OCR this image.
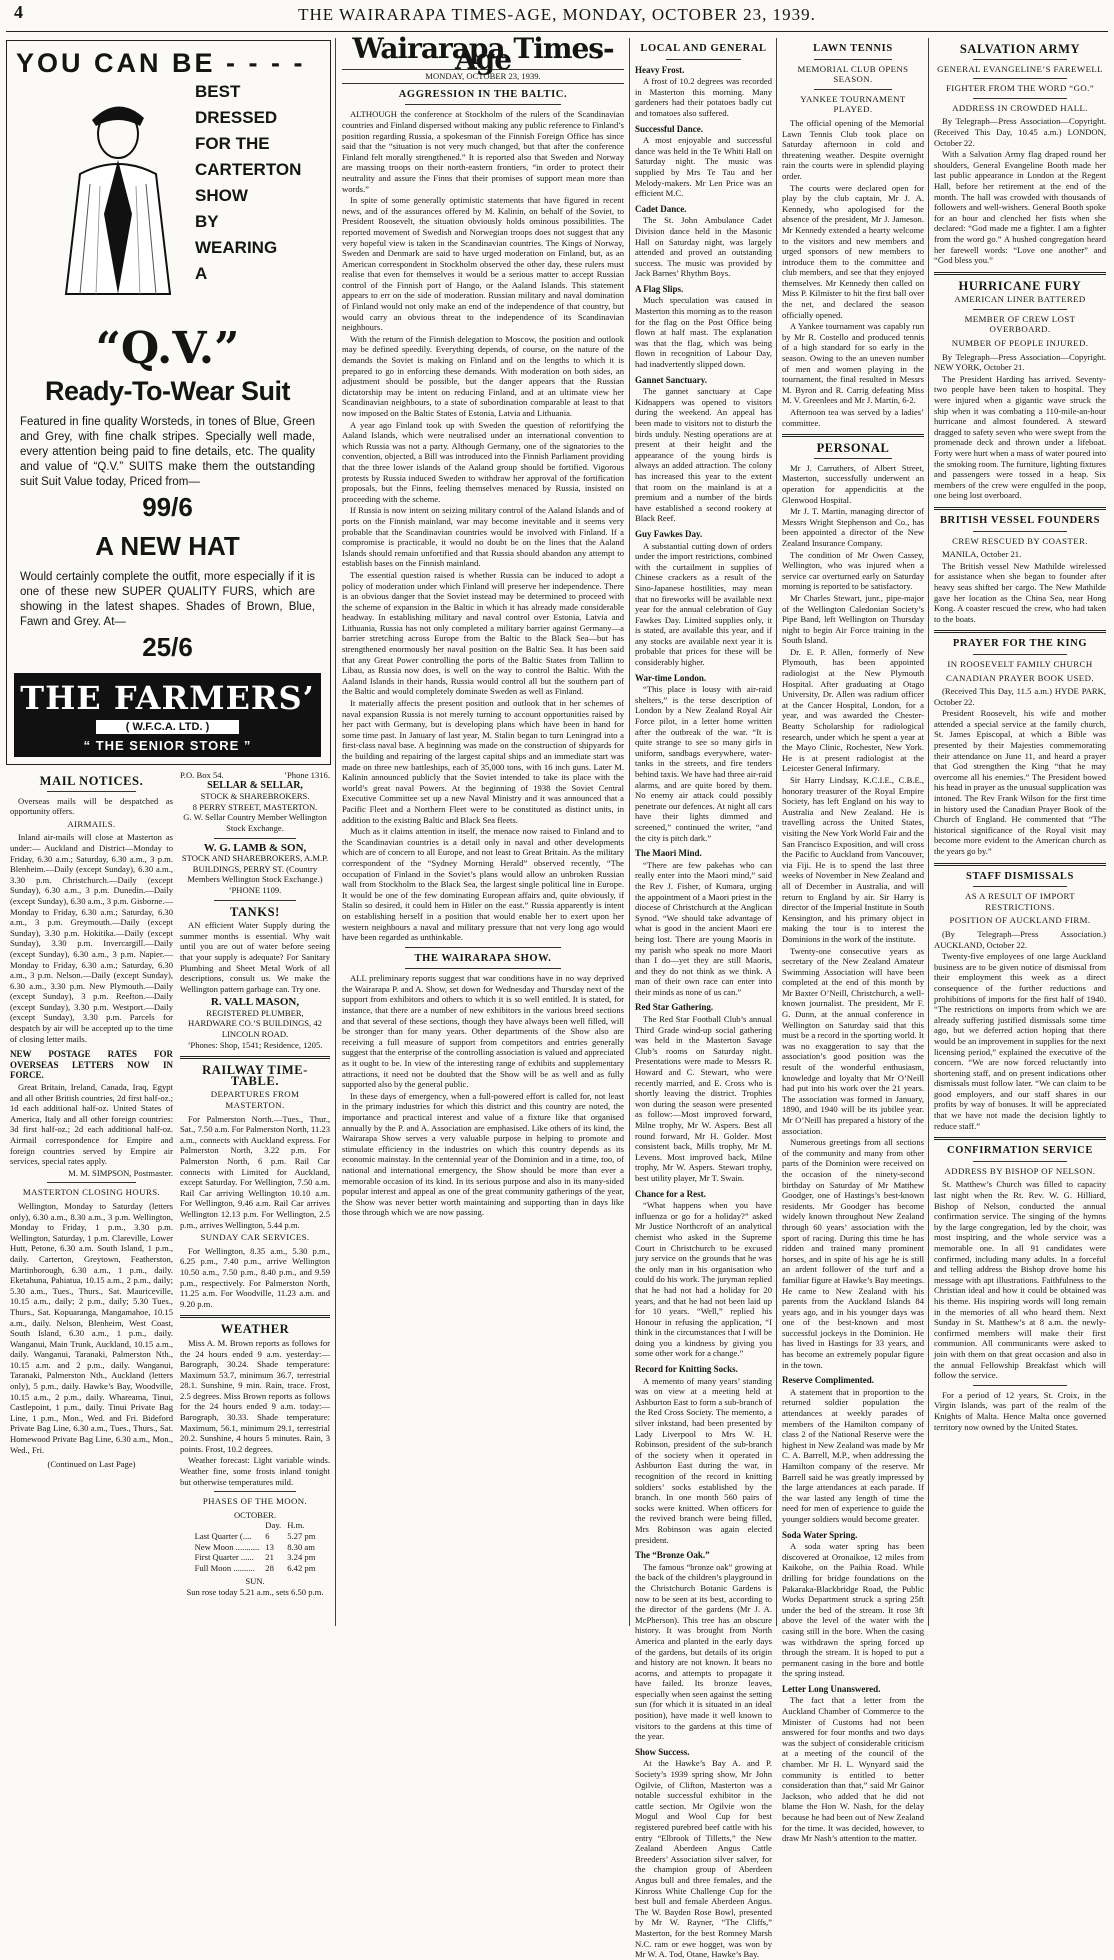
4	THE WAIRARAPA TIMES-AGE, MONDAY, OCTOBER 23, 1939.
YOU CAN BE - - - -
BEST
DRESSED
FOR THE
CARTERTON
SHOW
BY
WEARING
A
“Q.V.”
Ready-To-Wear Suit
Featured in fine quality Worsteds, in tones of Blue, Green and Grey, with fine chalk stripes. Specially well made, every attention being paid to fine details, etc. The quality and value of “Q.V.” SUITS make them the outstanding suit Suit Value today, Priced from—
99/6
A NEW HAT
Would certainly complete the outfit, more especially if it is one of these new SUPER QUALITY FURS, which are showing in the latest shapes. Shades of Brown, Blue, Fawn and Grey. At—
25/6
THE FARMERS’
( W.F.C.A. LTD. )
“ THE SENIOR STORE ”
MAIL NOTICES.

Overseas mails will be despatched as opportunity offers.

AIRMAILS.

Inland air-mails will close at Masterton as under:— Auckland and District—Monday to Friday, 6.30 a.m.; Saturday, 6.30 a.m., 3 p.m. Blenheim.—Daily (except Sunday), 6.30 a.m., 3.30 p.m. Christchurch.—Daily (except Sunday), 6.30 a.m., 3 p.m. Dunedin.—Daily (except Sunday), 6.30 a.m., 3 p.m. Gisborne.—Monday to Friday, 6.30 a.m.; Saturday, 6.30 a.m., 3 p.m. Greymouth.—Daily (except Sunday), 3.30 p.m. Hokitika.—Daily (except Sunday), 3.30 p.m. Invercargill.—Daily (except Sunday), 6.30 a.m., 3 p.m. Napier.—Monday to Friday, 6.30 a.m.; Saturday, 6.30 a.m., 3 p.m. Nelson.—Daily (except Sunday), 6.30 a.m., 3.30 p.m. New Plymouth.—Daily (except Sunday), 3 p.m. Reefton.—Daily (except Sunday), 3.30 p.m. Westport.—Daily (except Sunday), 3.30 p.m. Parcels for despatch by air will be accepted up to the time of closing letter mails.

NEW POSTAGE RATES FOR OVERSEAS LETTERS NOW IN FORCE.

Great Britain, Ireland, Canada, Iraq, Egypt and all other British countries, 2d first half-oz.; 1d each additional half-oz. United States of America, Italy and all other foreign countries: 3d first half-oz.; 2d each additional half-oz. Airmail correspondence for Empire and foreign countries served by Empire air services, special rates apply.

M. M. SIMPSON, Postmaster.
MASTERTON CLOSING HOURS.

Wellington, Monday to Saturday (letters only), 6.30 a.m., 8.30 a.m., 3 p.m. Wellington, Monday to Friday, 1 p.m., 3.30 p.m. Wellington, Saturday, 1 p.m. Clareville, Lower Hutt, Petone, 6.30 a.m. South Island, 1 p.m., daily. Carterton, Greytown, Featherston, Martinborough, 6.30 a.m., 1 p.m., daily. Eketahuna, Pahiatua, 10.15 a.m., 2 p.m., daily; 5.30 a.m., Tues., Thurs., Sat. Mauriceville, 10.15 a.m., daily; 2 p.m., daily; 5.30 Tues., Thurs., Sat. Kopuaranga, Mangamahoe, 10.15 a.m., daily. Nelson, Blenheim, West Coast, South Island, 6.30 a.m., 1 p.m., daily. Wanganui, Main Trunk, Auckland, 10.15 a.m., daily. Wanganui, Taranaki, Palmerston Nth., 10.15 a.m. and 2 p.m., daily. Wanganui, Taranaki, Palmerston Nth., Auckland (letters only), 5 p.m., daily. Hawke’s Bay, Woodville, 10.15 a.m., 2 p.m., daily. Whareama, Tinui, Castlepoint, 1 p.m., daily. Tinui Private Bag Line, 1 p.m., Mon., Wed. and Fri. Bideford Private Bag Line, 6.30 a.m., Tues., Thurs., Sat. Homewood Private Bag Line, 6.30 a.m., Mon., Wed., Fri.

(Continued on Last Page)
P.O. Box 54.	’Phone 1316.
SELLAR & SELLAR,
STOCK & SHAREBROKERS.
8 PERRY STREET, MASTERTON.
G. W. Sellar Country Member Wellington Stock Exchange.
W. G. LAMB & SON,
STOCK AND SHAREBROKERS, A.M.P. BUILDINGS, PERRY ST. (Country Members Wellington Stock Exchange.)
’PHONE 1109.
TANKS!

AN efficient Water Supply during the summer months is essential. Why wait until you are out of water before seeing that your supply is adequate? For Sanitary Plumbing and Sheet Metal Work of all descriptions, consult us. We make the Wellington pattern garbage can. Try one.

R. VALL MASON,
REGISTERED PLUMBER,
HARDWARE CO.’S BUILDINGS, 42 LINCOLN ROAD.
’Phones: Shop, 1541; Residence, 1205.
RAILWAY TIME-TABLE.
DEPARTURES FROM MASTERTON.

For Palmerston North.—Tues., Thur., Sat., 7.50 a.m. For Palmerston North, 11.23 a.m., connects with Auckland express. For Palmerston North, 3.22 p.m. For Palmerston North, 6 p.m. Rail Car connects with Limited for Auckland, except Saturday. For Wellington, 7.50 a.m. Rail Car arriving Wellington 10.10 a.m. For Wellington, 9.46 a.m. Rail Car arrives Wellington 12.13 p.m. For Wellington, 2.5 p.m., arrives Wellington, 5.44 p.m.

SUNDAY CAR SERVICES.

For Wellington, 8.35 a.m., 5.30 p.m., 6.25 p.m., 7.40 p.m., arrive Wellington 10.50 a.m., 7.50 p.m., 8.40 p.m., and 9.59 p.m., respectively. For Palmerston North, 11.25 a.m. For Woodville, 11.23 a.m. and 9.20 p.m.

WEATHER

Miss A. M. Brown reports as follows for the 24 hours ended 9 a.m. yesterday:—Barograph, 30.24. Shade temperature: Maximum 53.7, minimum 36.7, terrestrial 28.1. Sunshine, 9 min. Rain, trace. Frost, 2.5 degrees. Miss Brown reports as follows for the 24 hours ended 9 a.m. today:—Barograph, 30.33. Shade temperature: Maximum, 56.1, minimum 29.1, terrestrial 20.2. Sunshine, 4 hours 5 minutes. Rain, 3 points. Frost, 10.2 degrees.

Weather forecast: Light variable winds. Weather fine, some frosts inland tonight but otherwise temperatures mild.

PHASES OF THE MOON.
OCTOBER.
	Day.	H.m.
Last Quarter (....	6	5.27 pm
New Moon ...........	13	8.30 am
First Quarter ......	21	3.24 pm
Full Moon ..........	28	6.42 pm
SUN.
Sun rose today 5.21 a.m., sets 6.50 p.m.
Wairarapa Times-Age
MONDAY, OCTOBER 23, 1939.
AGGRESSION IN THE BALTIC.

ALTHOUGH the conference at Stockholm of the rulers of the Scandinavian countries and Finland dispersed without making any public reference to Finland’s position regarding Russia, a spokesman of the Finnish Foreign Office has since said that the “situation is not very much changed, but that after the conference Finland felt morally strengthened.” It is reported also that Sweden and Norway are massing troops on their north-eastern frontiers, “in order to protect their neutrality and assure the Finns that their promises of support mean more than words.”

In spite of some generally optimistic statements that have figured in recent news, and of the assurances offered by M. Kalinin, on behalf of the Soviet, to President Roosevelt, the situation obviously holds ominous possibilities. The reported movement of Swedish and Norwegian troops does not suggest that any very hopeful view is taken in the Scandinavian countries. The Kings of Norway, Sweden and Denmark are said to have urged moderation on Finland, but, as an American correspondent in Stockholm observed the other day, these rulers must realise that even for themselves it would be a serious matter to accept Russian control of the Finnish port of Hango, or the Aaland Islands. This statement appears to err on the side of moderation. Russian military and naval domination of Finland would not only make an end of the independence of that country, but would carry an obvious threat to the independence of its Scandinavian neighbours.

With the return of the Finnish delegation to Moscow, the position and outlook may be defined speedily. Everything depends, of course, on the nature of the demands the Soviet is making on Finland and on the lengths to which it is prepared to go in enforcing these demands. With moderation on both sides, an adjustment should be possible, but the danger appears that the Russian dictatorship may be intent on reducing Finland, and at an ultimate view her Scandinavian neighbours, to a state of subordination comparable at least to that now imposed on the Baltic States of Estonia, Latvia and Lithuania.

A year ago Finland took up with Sweden the question of refortifying the Aaland Islands, which were neutralised under an international convention to which Russia was not a party. Although Germany, one of the signatories to the convention, objected, a Bill was introduced into the Finnish Parliament providing that the three lower islands of the Aaland group should be fortified. Vigorous protests by Russia induced Sweden to withdraw her approval of the fortification proposals, but the Finns, feeling themselves menaced by Russia, insisted on proceeding with the scheme.

If Russia is now intent on seizing military control of the Aaland Islands and of ports on the Finnish mainland, war may become inevitable and it seems very probable that the Scandinavian countries would be involved with Finland. If a compromise is practicable, it would no doubt be on the lines that the Aaland Islands should remain unfortified and that Russia should abandon any attempt to establish bases on the Finnish mainland.

The essential question raised is whether Russia can be induced to adopt a policy of moderation under which Finland will preserve her independence. There is an obvious danger that the Soviet instead may be determined to proceed with the scheme of expansion in the Baltic in which it has already made considerable headway. In establishing military and naval control over Estonia, Latvia and Lithuania, Russia has not only completed a military barrier against Germany—a barrier stretching across Europe from the Baltic to the Black Sea—but has strengthened enormously her naval position on the Baltic Sea. It has been said that any Great Power controlling the ports of the Baltic States from Tallinn to Libau, as Russia now does, is well on the way to control the Baltic. With the Aaland Islands in their hands, Russia would control all but the southern part of the Baltic and would completely dominate Sweden as well as Finland.

It materially affects the present position and outlook that in her schemes of naval expansion Russia is not merely turning to account opportunities raised by her pact with Germany, but is developing plans which have been in hand for some time past. In January of last year, M. Stalin began to turn Leningrad into a first-class naval base. A beginning was made on the construction of shipyards for the building and repairing of the largest capital ships and an immediate start was made on three new battleships, each of 35,000 tons, with 16 inch guns. Later M. Kalinin announced publicly that the Soviet intended to take its place with the world’s great naval Powers. At the beginning of 1938 the Soviet Central Executive Committee set up a new Naval Ministry and it was announced that a Pacific Fleet and a Northern Fleet were to be constituted as distinct units, in addition to the existing Baltic and Black Sea fleets.

Much as it claims attention in itself, the menace now raised to Finland and to the Scandinavian countries is a detail only in naval and other developments which are of concern to all Europe, and not least to Great Britain. As the military correspondent of the “Sydney Morning Herald” observed recently, “The occupation of Finland in the Soviet’s plans would allow an unbroken Russian wall from Stockholm to the Black Sea, the largest single political line in Europe. It would be one of the few dominating European affairs and, quite obviously, if Stalin so desired, it could hem in Hitler on the east.” Russia apparently is intent on establishing herself in a position that would enable her to exert upon her western neighbours a naval and military pressure that not very long ago would have been regarded as unthinkable.

THE WAIRARAPA SHOW.

ALL preliminary reports suggest that war conditions have in no way deprived the Wairarapa P. and A. Show, set down for Wednesday and Thursday next of the support from exhibitors and others to which it is so well entitled. It is stated, for instance, that there are a number of new exhibitors in the various breed sections and that several of these sections, though they have always been well filled, will be stronger than for many years. Other departments of the Show also are receiving a full measure of support from competitors and entries generally suggest that the enterprise of the controlling association is valued and appreciated as it ought to be. In view of the interesting range of exhibits and supplementary attractions, it need not be doubted that the Show will be as well and as fully supported also by the general public.

In these days of emergency, when a full-powered effort is called for, not least in the primary industries for which this district and this country are noted, the importance and practical interest and value of a fixture like that organised annually by the P. and A. Association are emphasised. Like others of its kind, the Wairarapa Show serves a very valuable purpose in helping to promote and stimulate efficiency in the industries on which this country depends as its economic mainstay. In the centennial year of the Dominion and in a time, too, of national and international emergency, the Show should be more than ever a memorable occasion of its kind. In its serious purpose and also in its many-sided popular interest and appeal as one of the great community gatherings of the year, the Show was never better worth maintaining and supporting than in days like those through which we are now passing.

LOCAL AND GENERAL
Heavy Frost.

A frost of 10.2 degrees was recorded in Masterton this morning. Many gardeners had their potatoes badly cut and tomatoes also suffered.

Successful Dance.

A most enjoyable and successful dance was held in the Te Whiti Hall on Saturday night. The music was supplied by Mrs Te Tau and her Melody-makers. Mr Len Price was an efficient M.C.

Cadet Dance.

The St. John Ambulance Cadet Division dance held in the Masonic Hall on Saturday night, was largely attended and proved an outstanding success. The music was provided by Jack Barnes’ Rhythm Boys.

A Flag Slips.

Much speculation was caused in Masterton this morning as to the reason for the flag on the Post Office being flown at half mast. The explanation was that the flag, which was being flown in recognition of Labour Day, had inadvertently slipped down.

Gannet Sanctuary.

The gannet sanctuary at Cape Kidnappers was opened to visitors during the weekend. An appeal has been made to visitors not to disturb the birds unduly. Nesting operations are at present at their height and the appearance of the young birds is always an added attraction. The colony has increased this year to the extent that room on the mainland is at a premium and a number of the birds have established a second rookery at Black Reef.

Guy Fawkes Day.

A substantial cutting down of orders under the import restrictions, combined with the curtailment in supplies of Chinese crackers as a result of the Sino-Japanese hostilities, may mean that no fireworks will be available next year for the annual celebration of Guy Fawkes Day. Limited supplies only, it is stated, are available this year, and if any stocks are available next year it is probable that prices for these will be considerably higher.

War-time London.

“This place is lousy with air-raid shelters,” is the terse description of London by a New Zealand Royal Air Force pilot, in a letter home written after the outbreak of the war. “It is quite strange to see so many girls in uniform, sandbags everywhere, water-tanks in the streets, and fire tenders behind taxis. We have had three air-raid alarms, and are quite bored by them. No enemy air attack could possibly penetrate our defences. At night all cars have their lights dimmed and screened,” continued the writer, “and the city is pitch dark.”

The Maori Mind.

“There are few pakehas who can really enter into the Maori mind,” said the Rev J. Fisher, of Kumara, urging the appointment of a Maori priest in the diocese of Christchurch at the Anglican Synod. “We should take advantage of what is good in the ancient Maori ere being lost. There are young Maoris in my parish who speak no more Maori than I do—yet they are still Maoris, and they do not think as we think. A man of their own race can enter into their minds as none of us can.”

Red Star Gathering.

The Red Star Football Club’s annual Third Grade wind-up social gathering was held in the Masterton Savage Club’s rooms on Saturday night. Presentations were made to Messrs R. Howard and C. Stewart, who were recently married, and E. Cross who is shortly leaving the district. Trophies won during the season were presented as follow:—Most improved forward, Milne trophy, Mr W. Aspers. Best all round forward, Mr H. Golder. Most consistent back, Mills trophy, Mr M. Levens. Most improved back, Milne trophy, Mr W. Aspers. Stewart trophy, best utility player, Mr T. Swain.

Chance for a Rest.

“What happens when you have influenza or go for a holiday?” asked Mr Justice Northcroft of an analytical chemist who asked in the Supreme Court in Christchurch to be excused jury service on the grounds that he was the only man in his organisation who could do his work. The juryman replied that he had not had a holiday for 20 years, and that he had not been laid up for 10 years. “Well,” replied his Honour in refusing the application, “I think in the circumstances that I will be doing you a kindness by giving you some other work for a change.”

Record for Knitting Socks.

A memento of many years’ standing was on view at a meeting held at Ashburton East to form a sub-branch of the Red Cross Society. The memento, a silver inkstand, had been presented by Lady Liverpool to Mrs W. H. Robinson, president of the sub-branch of the society when it operated in Ashburton East during the war, in recognition of the record in knitting soldiers’ socks established by the branch. In one month 560 pairs of socks were knitted. When officers for the revived branch were being filled, Mrs Robinson was again elected president.

The “Bronze Oak.”

The famous “bronze oak” growing at the back of the children’s playground in the Christchurch Botanic Gardens is now to be seen at its best, according to the director of the gardens (Mr J. A. McPherson). This tree has an obscure history. It was brought from North America and planted in the early days of the gardens, but details of its origin and history are not known. It bears no acorns, and attempts to propagate it have failed. Its bronze leaves, especially when seen against the setting sun (for which it is situated in an ideal position), have made it well known to visitors to the gardens at this time of the year.

Show Success.

At the Hawke’s Bay A. and P. Society’s 1939 spring show, Mr John Ogilvie, of Clifton, Masterton was a notable successful exhibitor in the cattle section. Mr Ogilvie won the Mogul and Wool Cup for best registered purebred beef cattle with his entry “Elbrook of Tilletts,” the New Zealand Aberdeen Angus Cattle Breeders’ Association silver salver, for the champion group of Aberdeen Angus bull and three females, and the Kinross White Challenge Cup for the best bull and female Aberdeen Angus. The W. Bayden Rose Bowl, presented by Mr W. Rayner, “The Cliffs,” Masterton, for the best Romney Marsh N.C. ram or ewe hogget, was won by Mr W. A. Tod, Otane, Hawke’s Bay.

LAWN TENNIS
MEMORIAL CLUB OPENS SEASON.
YANKEE TOURNAMENT PLAYED.

The official opening of the Memorial Lawn Tennis Club took place on Saturday afternoon in cold and threatening weather. Despite overnight rain the courts were in splendid playing order.

The courts were declared open for play by the club captain, Mr J. A. Kennedy, who apologised for the absence of the president, Mr J. Jameson. Mr Kennedy extended a hearty welcome to the visitors and new members and urged sponsors of new members to introduce them to the committee and club members, and see that they enjoyed themselves. Mr Kennedy then called on Miss P. Kilmister to hit the first ball over the net, and declared the season officially opened.

A Yankee tournament was capably run by Mr R. Costello and produced tennis of a high standard for so early in the season. Owing to the an uneven number of men and women playing in the tournament, the final resulted in Messrs M. Byron and R. Carrig defeating Miss M. V. Greenlees and Mr J. Martin, 6-2.

Afternoon tea was served by a ladies’ committee.

PERSONAL

Mr J. Carruthers, of Albert Street, Masterton, successfully underwent an operation for appendicitis at the Glenwood Hospital.

Mr J. T. Martin, managing director of Messrs Wright Stephenson and Co., has been appointed a director of the New Zealand Insurance Company.

The condition of Mr Owen Cassey, Wellington, who was injured when a service car overturned early on Saturday morning is reported to be satisfactory.

Mr Charles Stewart, junr., pipe-major of the Wellington Caledonian Society’s Pipe Band, left Wellington on Thursday night to begin Air Force training in the South Island.

Dr. E. P. Allen, formerly of New Plymouth, has been appointed radiologist at the New Plymouth Hospital. After graduating at Otago University, Dr. Allen was radium officer at the Cancer Hospital, London, for a year, and was awarded the Chester-Beatty Scholarship for radiological research, under which he spent a year at the Mayo Clinic, Rochester, New York. He is at present radiologist at the Leicester General Infirmary.

Sir Harry Lindsay, K.C.I.E., C.B.E., honorary treasurer of the Royal Empire Society, has left England on his way to Australia and New Zealand. He is travelling across the United States, visiting the New York World Fair and the San Francisco Exposition, and will cross the Pacific to Auckland from Vancouver, via Fiji. He is to spend the last three weeks of November in New Zealand and all of December in Australia, and will return to England by air. Sir Harry is director of the Imperial Institute in South Kensington, and his primary object in making the tour is to interest the Dominions in the work of the institute.

Twenty-one consecutive years as secretary of the New Zealand Amateur Swimming Association will have been completed at the end of this month by Mr Baxter O’Neill, Christchurch, a well-known journalist. The president, Mr F. G. Dunn, at the annual conference in Wellington on Saturday said that this must be a record in the sporting world. It was no exaggeration to say that the association’s good position was the result of the wonderful enthusiasm, knowledge and loyalty that Mr O’Neill had put into his work over the 21 years. The association was formed in January, 1890, and 1940 will be its jubilee year. Mr O’Neill has prepared a history of the association.

Numerous greetings from all sections of the community and many from other parts of the Dominion were received on the occasion of the ninety-second birthday on Saturday of Mr Matthew Goodger, one of Hastings’s best-known residents. Mr Goodger has become widely known throughout New Zealand through 60 years’ association with the sport of racing. During this time he has ridden and trained many prominent horses, and in spite of his age he is still an ardent follower of the turf and a familiar figure at Hawke’s Bay meetings. He came to New Zealand with his parents from the Auckland Islands 84 years ago, and in his younger days was one of the best-known and most successful jockeys in the Dominion. He has lived in Hastings for 33 years, and has become an extremely popular figure in the town.

Reserve Complimented.

A statement that in proportion to the returned soldier population the attendances at weekly parades of members of the Hamilton company of class 2 of the National Reserve were the highest in New Zealand was made by Mr C. A. Barrell, M.P., when addressing the Hamilton company of the reserve. Mr Barrell said he was greatly impressed by the large attendances at each parade. If the war lasted any length of time the need for men of experience to guide the younger soldiers would become greater.

Soda Water Spring.

A soda water spring has been discovered at Oronaikoe, 12 miles from Kaikohe, on the Paihia Road. While drilling for bridge foundations on the Pakaraka-Blackbridge Road, the Public Works Department struck a spring 25ft under the bed of the stream. It rose 3ft above the level of the water with the casing still in the bore. When the casing was withdrawn the spring forced up through the stream. It is hoped to put a permanent casing in the bore and bottle the spring instead.

Letter Long Unanswered.

The fact that a letter from the Auckland Chamber of Commerce to the Minister of Customs had not been answered for four months and two days was the subject of considerable criticism at a meeting of the council of the chamber. Mr H. L. Wynyard said the community is entitled to better consideration than that,” said Mr Gainor Jackson, who added that he did not blame the Hon W. Nash, for the delay because he had been out of New Zealand for the time. It was decided, however, to draw Mr Nash’s attention to the matter.

SALVATION ARMY
GENERAL EVANGELINE’S FAREWELL
FIGHTER FROM THE WORD “GO.”
ADDRESS IN CROWDED HALL.

By Telegraph—Press Association—Copyright. (Received This Day, 10.45 a.m.) LONDON, October 22.

With a Salvation Army flag draped round her shoulders, General Evangeline Booth made her last public appearance in London at the Regent Hall, before her retirement at the end of the month. The hall was crowded with thousands of followers and well-wishers. General Booth spoke for an hour and clenched her fists when she declared: “God made me a fighter. I am a fighter from the word go.” A hushed congregation heard her farewell words: “Love one another” and “God bless you.”

HURRICANE FURY
AMERICAN LINER BATTERED
MEMBER OF CREW LOST OVERBOARD.
NUMBER OF PEOPLE INJURED.

By Telegraph—Press Association—Copyright. NEW YORK, October 21.

The President Harding has arrived. Seventy-two people have been taken to hospital. They were injured when a gigantic wave struck the ship when it was combating a 110-mile-an-hour hurricane and almost foundered. A steward dragged to safety seven who were swept from the promenade deck and thrown under a lifeboat. Forty were hurt when a mass of water poured into the smoking room. The furniture, lighting fixtures and passengers were tossed in a heap. Six members of the crew were engulfed in the poop, one being lost overboard.

BRITISH VESSEL FOUNDERS
CREW RESCUED BY COASTER.

MANILA, October 21.

The British vessel New Mathilde wirelessed for assistance when she began to founder after heavy seas shifted her cargo. The New Mathilde gave her location as the China Sea, near Hong Kong. A coaster rescued the crew, who had taken to the boats.

PRAYER FOR THE KING
IN ROOSEVELT FAMILY CHURCH
CANADIAN PRAYER BOOK USED.

(Received This Day, 11.5 a.m.) HYDE PARK, October 22.

President Roosevelt, his wife and mother attended a special service at the family church, St. James Episcopal, at which a Bible was presented by their Majesties commemorating their attendance on June 11, and heard a prayer that God strengthen the King “that he may overcome all his enemies.” The President bowed his head in prayer as the unusual supplication was intoned. The Rev Frank Wilson for the first time in history used the Canadian Prayer Book of the Church of England. He commented that “The historical significance of the Royal visit may become more evident to the American church as the years go by.”

STAFF DISMISSALS
AS A RESULT OF IMPORT RESTRICTIONS.
POSITION OF AUCKLAND FIRM.

(By Telegraph—Press Association.) AUCKLAND, October 22.

Twenty-five employees of one large Auckland business are to be given notice of dismissal from their employment this week as a direct consequence of the further reductions and prohibitions of imports for the first half of 1940. “The restrictions on imports from which we are already suffering justified dismissals some time ago, but we deferred action hoping that there would be an improvement in supplies for the next licensing period,” explained the executive of the concern. “We are now forced reluctantly into shortening staff, and on present indications other dismissals must follow later. “We can claim to be good employers, and our staff shares in our profits by way of bonuses. It will be appreciated that we have not made the decision lightly to reduce staff.”

CONFIRMATION SERVICE
ADDRESS BY BISHOP OF NELSON.

St. Matthew’s Church was filled to capacity last night when the Rt. Rev. W. G. Hilliard, Bishop of Nelson, conducted the annual confirmation service. The singing of the hymns by the large congregation, led by the choir, was most inspiring, and the whole service was a memorable one. In all 91 candidates were confirmed, including many adults. In a forceful and telling address the Bishop drove home his message with apt illustrations. Faithfulness to the Christian ideal and how it could be obtained was his theme. His inspiring words will long remain in the memories of all who heard them. Next Sunday in St. Matthew’s at 8 a.m. the newly-confirmed members will make their first communion. All communicants were asked to join with them on that great occasion and also in the annual Fellowship Breakfast which will follow the service.

For a period of 12 years, St. Croix, in the Virgin Islands, was part of the realm of the Knights of Malta. Hence Malta once governed territory now owned by the United States.
